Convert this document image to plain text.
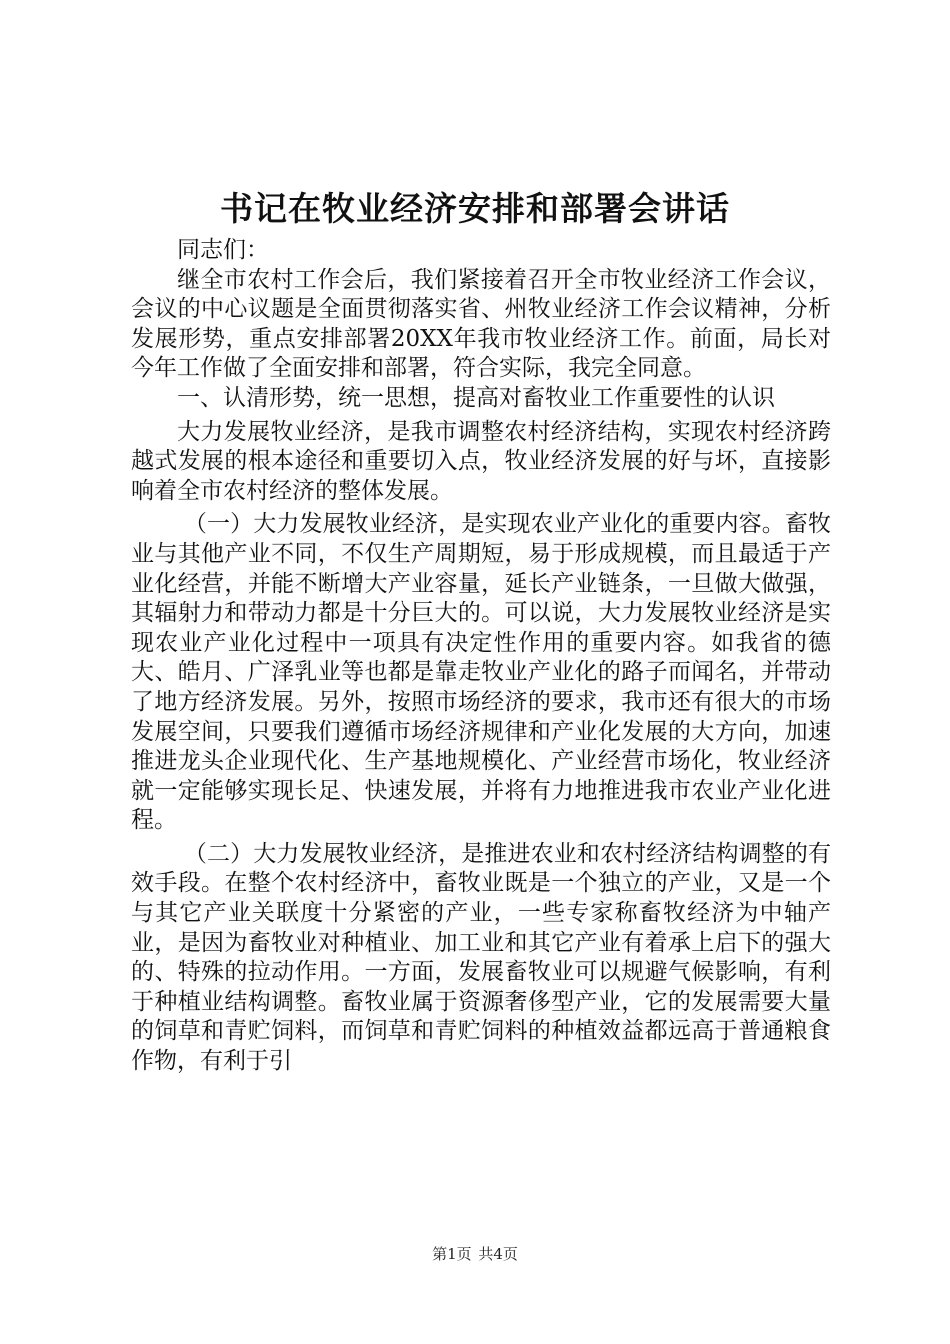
书记在牧业经济安排和部署会讲话

同志们：

继全市农村工作会后，我们紧接着召开全市牧业经济工作会议，会议的中心议题是全面贯彻落实省、州牧业经济工作会议精神，分析发展形势，重点安排部署20XX年我市牧业经济工作。前面，局长对今年工作做了全面安排和部署，符合实际，我完全同意。

一、认清形势，统一思想，提高对畜牧业工作重要性的认识

大力发展牧业经济，是我市调整农村经济结构，实现农村经济跨越式发展的根本途径和重要切入点，牧业经济发展的好与坏，直接影响着全市农村经济的整体发展。

（一）大力发展牧业经济，是实现农业产业化的重要内容。畜牧业与其他产业不同，不仅生产周期短，易于形成规模，而且最适于产业化经营，并能不断增大产业容量，延长产业链条，一旦做大做强，其辐射力和带动力都是十分巨大的。可以说，大力发展牧业经济是实现农业产业化过程中一项具有决定性作用的重要内容。如我省的德大、皓月、广泽乳业等也都是靠走牧业产业化的路子而闻名，并带动了地方经济发展。另外，按照市场经济的要求，我市还有很大的市场发展空间，只要我们遵循市场经济规律和产业化发展的大方向，加速推进龙头企业现代化、生产基地规模化、产业经营市场化，牧业经济就一定能够实现长足、快速发展，并将有力地推进我市农业产业化进程。

（二）大力发展牧业经济，是推进农业和农村经济结构调整的有效手段。在整个农村经济中，畜牧业既是一个独立的产业，又是一个与其它产业关联度十分紧密的产业，一些专家称畜牧经济为中轴产业，是因为畜牧业对种植业、加工业和其它产业有着承上启下的强大的、特殊的拉动作用。一方面，发展畜牧业可以规避气候影响，有利于种植业结构调整。畜牧业属于资源奢侈型产业，它的发展需要大量的饲草和青贮饲料，而饲草和青贮饲料的种植效益都远高于普通粮食作物，有利于引

第1页 共4页
